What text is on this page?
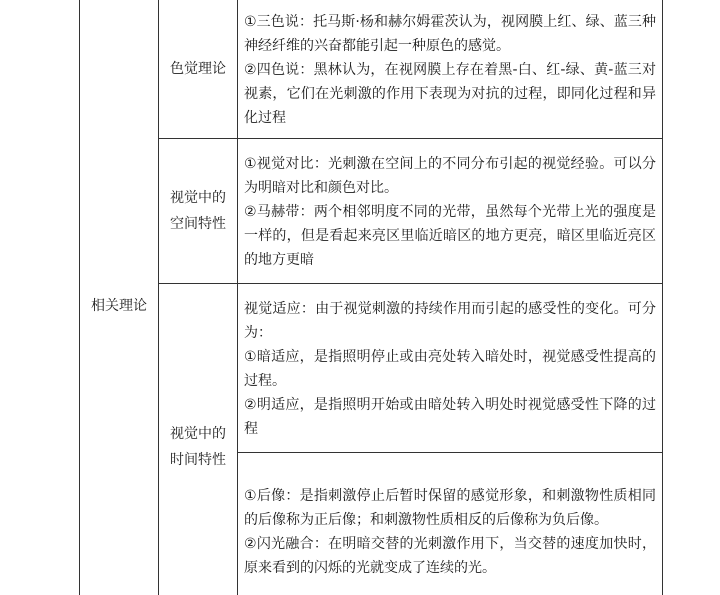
相关理论	色觉理论	①三色说：托马斯·杨和赫尔姆霍茨认为，视网膜上红、绿、蓝三种神经纤维的兴奋都能引起一种原色的感觉。
②四色说：黑林认为，在视网膜上存在着黑-白、红-绿、黄-蓝三对视素，它们在光刺激的作用下表现为对抗的过程，即同化过程和异化过程

	视觉中的空间特性	①视觉对比：光刺激在空间上的不同分布引起的视觉经验。可以分为明暗对比和颜色对比。
②马赫带：两个相邻明度不同的光带，虽然每个光带上光的强度是一样的，但是看起来亮区里临近暗区的地方更亮，暗区里临近亮区的地方更暗

	视觉中的时间特性	视觉适应：由于视觉刺激的持续作用而引起的感受性的变化。可分为：
①暗适应，是指照明停止或由亮处转入暗处时，视觉感受性提高的过程。
②明适应，是指照明开始或由暗处转入明处时视觉感受性下降的过程

		①后像：是指刺激停止后暂时保留的感觉形象，和刺激物性质相同的后像称为正后像；和刺激物性质相反的后像称为负后像。
②闪光融合：在明暗交替的光刺激作用下，当交替的速度加快时，原来看到的闪烁的光就变成了连续的光。
